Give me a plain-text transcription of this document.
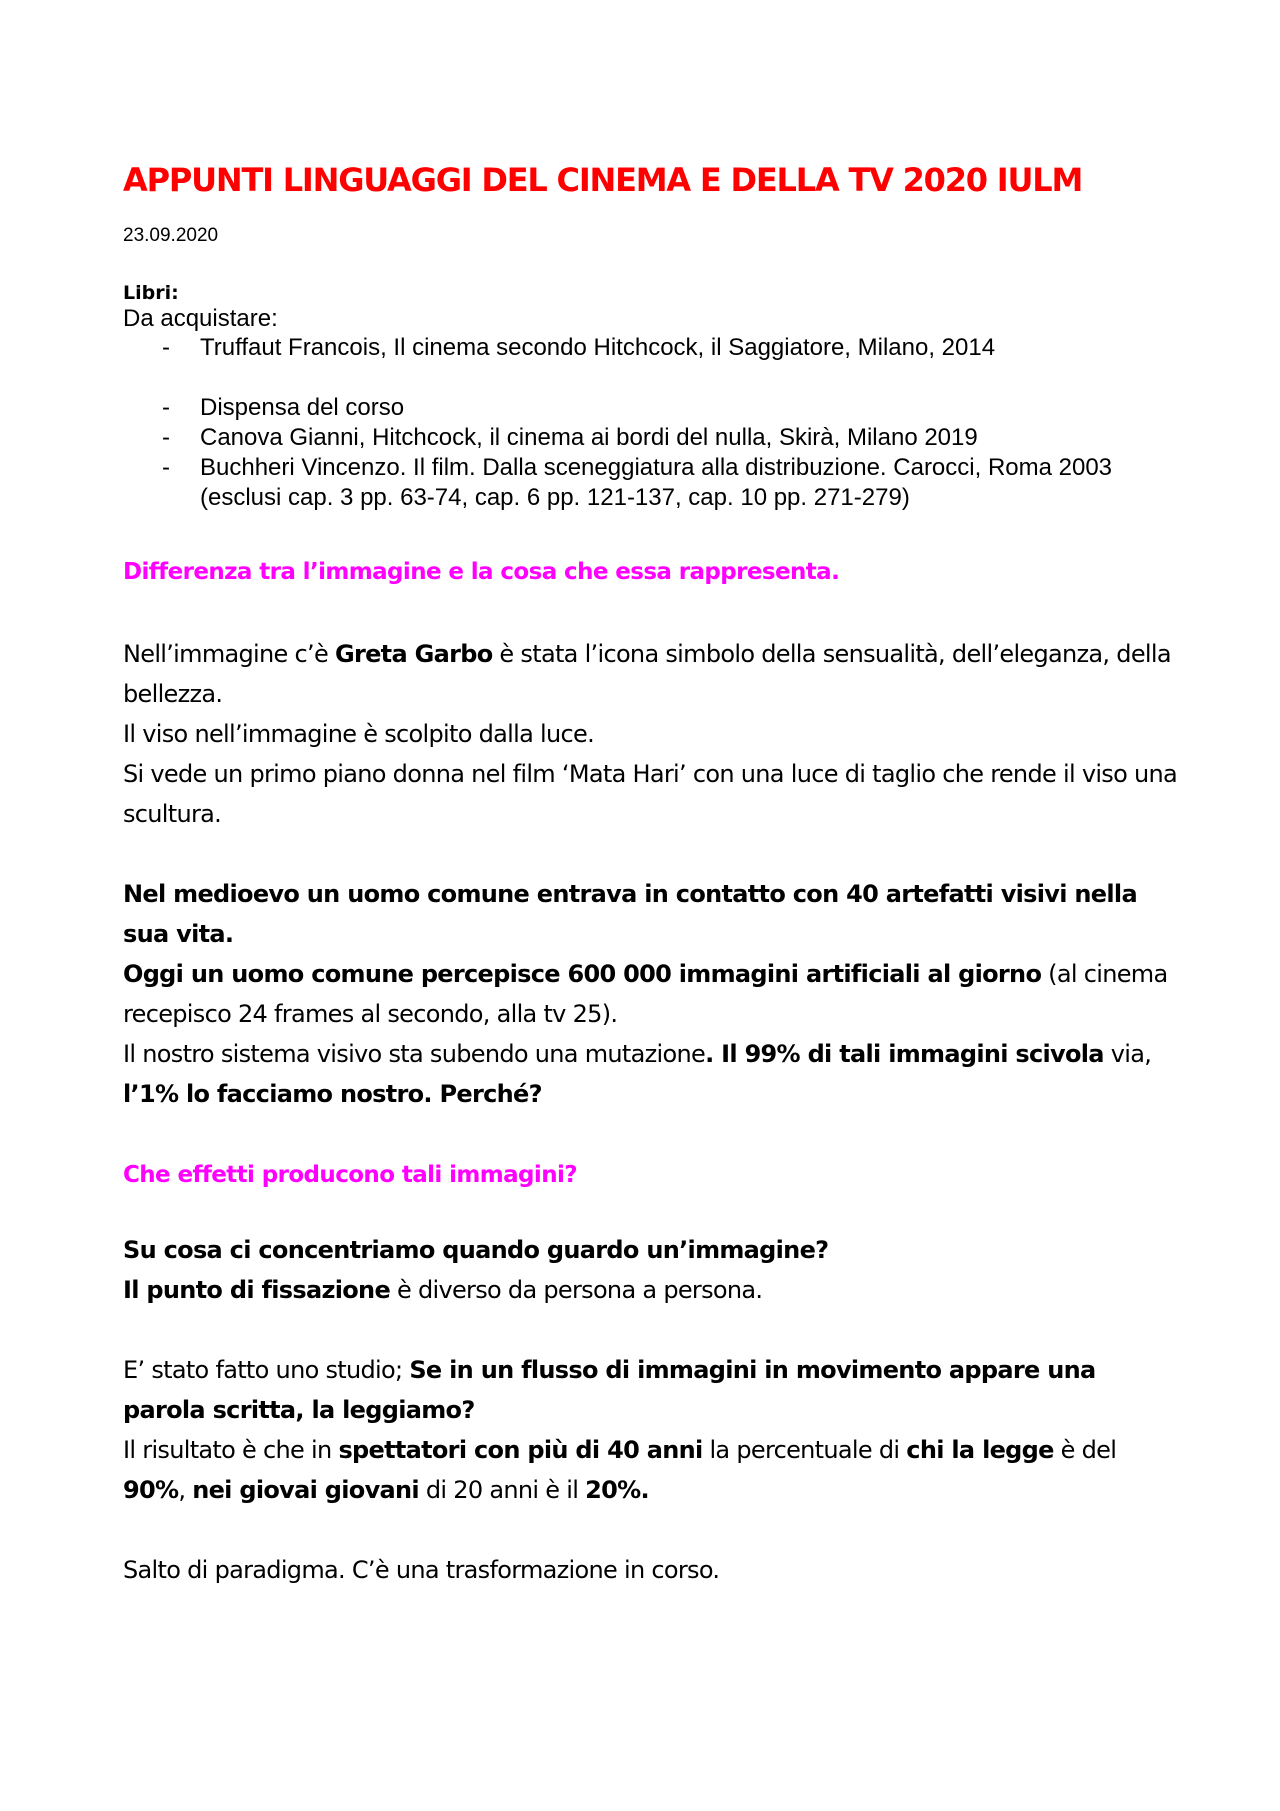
APPUNTI LINGUAGGI DEL CINEMA E DELLA TV 2020 IULM
23.09.2020
Libri:
Da acquistare:
- Truffaut Francois, Il cinema secondo Hitchcock, il Saggiatore, Milano, 2014
- Dispensa del corso
- Canova Gianni, Hitchcock, il cinema ai bordi del nulla, Skirà, Milano 2019
- Buchheri Vincenzo. Il film. Dalla sceneggiatura alla distribuzione. Carocci, Roma 2003 (esclusi cap. 3 pp. 63-74, cap. 6 pp. 121-137, cap. 10 pp. 271-279)
Differenza tra l’immagine e la cosa che essa rappresenta.
Nell’immagine c’è Greta Garbo è stata l’icona simbolo della sensualità, dell’eleganza, della bellezza.
Il viso nell’immagine è scolpito dalla luce.
Si vede un primo piano donna nel film ‘Mata Hari’ con una luce di taglio che rende il viso una scultura.
Nel medioevo un uomo comune entrava in contatto con 40 artefatti visivi nella sua vita.
Oggi un uomo comune percepisce 600 000 immagini artificiali al giorno (al cinema recepisco 24 frames al secondo, alla tv 25).
Il nostro sistema visivo sta subendo una mutazione. Il 99% di tali immagini scivola via, l’1% lo facciamo nostro. Perché?
Che effetti producono tali immagini?
Su cosa ci concentriamo quando guardo un’immagine?
Il punto di fissazione è diverso da persona a persona.
E’ stato fatto uno studio; Se in un flusso di immagini in movimento appare una parola scritta, la leggiamo?
Il risultato è che in spettatori con più di 40 anni la percentuale di chi la legge è del 90%, nei giovai giovani di 20 anni è il 20%.
Salto di paradigma. C’è una trasformazione in corso.
